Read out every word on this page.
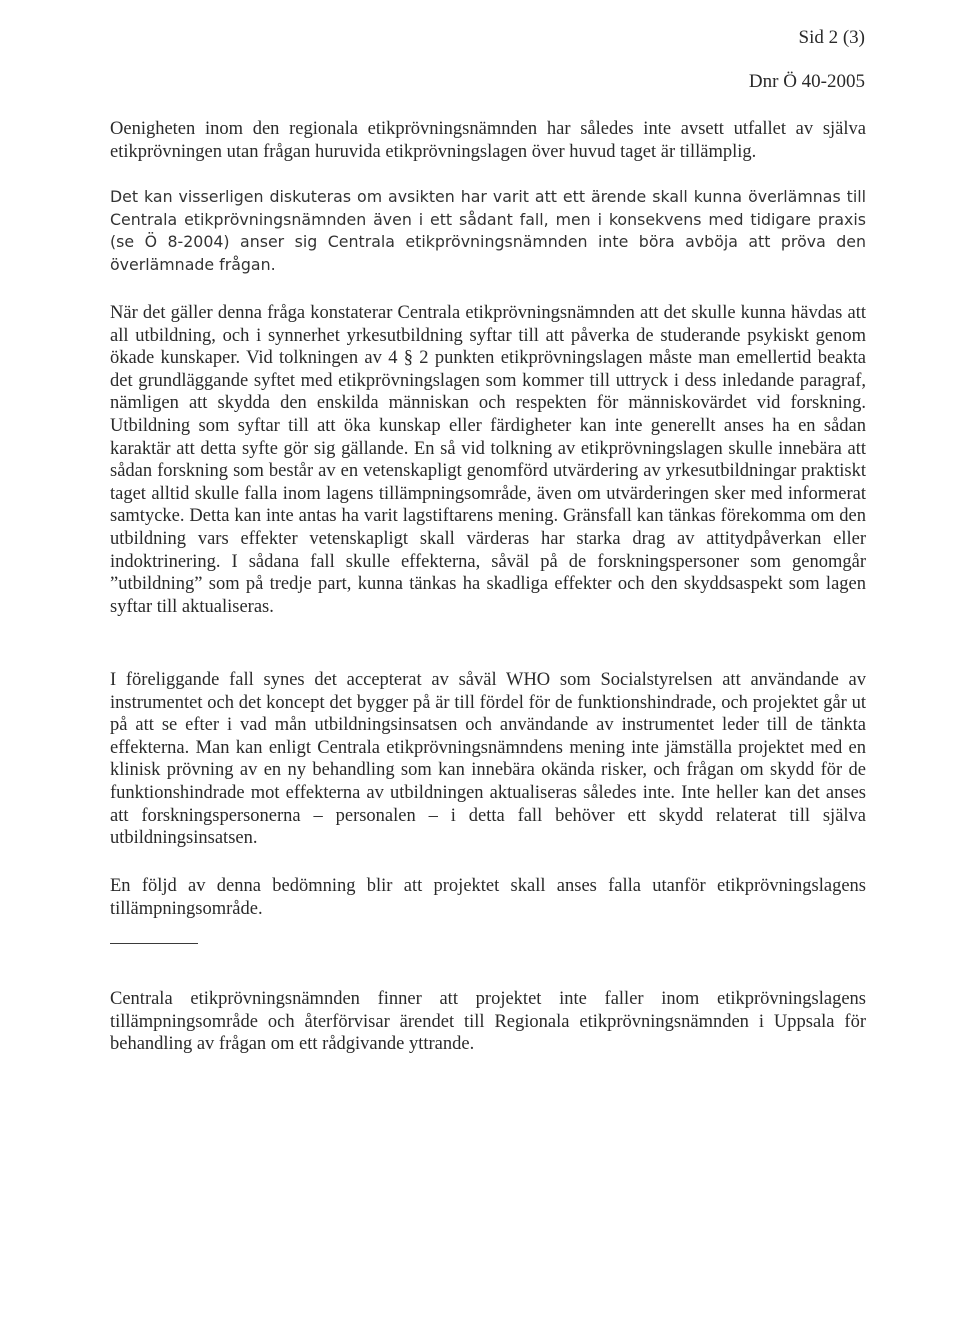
Sid 2 (3)
Dnr Ö 40-2005

Oenigheten inom den regionala etikprövningsnämnden har således inte avsett utfallet av själva etikprövningen utan frågan huruvida etikprövningslagen över huvud taget är tillämplig.

Det kan visserligen diskuteras om avsikten har varit att ett ärende skall kunna överlämnas till Centrala etikprövningsnämnden även i ett sådant fall, men i konsekvens med tidigare praxis (se Ö 8-2004) anser sig Centrala etikprövningsnämnden inte böra avböja att pröva den överlämnade frågan.

När det gäller denna fråga konstaterar Centrala etikprövningsnämnden att det skulle kunna hävdas att all utbildning, och i synnerhet yrkesutbildning syftar till att påverka de studerande psykiskt genom ökade kunskaper. Vid tolkningen av 4 § 2 punkten etikprövningslagen måste man emellertid beakta det grundläggande syftet med etikprövningslagen som kommer till uttryck i dess inledande paragraf, nämligen att skydda den enskilda människan och respekten för människovärdet vid forskning. Utbildning som syftar till att öka kunskap eller färdigheter kan inte generellt anses ha en sådan karaktär att detta syfte gör sig gällande. En så vid tolkning av etikprövningslagen skulle innebära att sådan forskning som består av en vetenskapligt genomförd utvärdering av yrkesutbildningar praktiskt taget alltid skulle falla inom lagens tillämpningsområde, även om utvärderingen sker med informerat samtycke. Detta kan inte antas ha varit lagstiftarens mening. Gränsfall kan tänkas förekomma om den utbildning vars effekter vetenskapligt skall värderas har starka drag av attitydpåverkan eller indoktrinering. I sådana fall skulle effekterna, såväl på de forskningspersoner som genomgår ”utbildning” som på tredje part, kunna tänkas ha skadliga effekter och den skyddsaspekt som lagen syftar till aktualiseras.

I föreliggande fall synes det accepterat av såväl WHO som Socialstyrelsen att användande av instrumentet och det koncept det bygger på är till fördel för de funktionshindrade, och projektet går ut på att se efter i vad mån utbildningsinsatsen och användande av instrumentet leder till de tänkta effekterna. Man kan enligt Centrala etikprövningsnämndens mening inte jämställa projektet med en klinisk prövning av en ny behandling som kan innebära okända risker, och frågan om skydd för de funktionshindrade mot effekterna av utbildningen aktualiseras således inte. Inte heller kan det anses att forskningspersonerna – personalen – i detta fall behöver ett skydd relaterat till själva utbildningsinsatsen.

En följd av denna bedömning blir att projektet skall anses falla utanför etikprövningslagens tillämpningsområde.

Centrala etikprövningsnämnden finner att projektet inte faller inom etikprövningslagens tillämpningsområde och återförvisar ärendet till Regionala etikprövningsnämnden i Uppsala för behandling av frågan om ett rådgivande yttrande.
